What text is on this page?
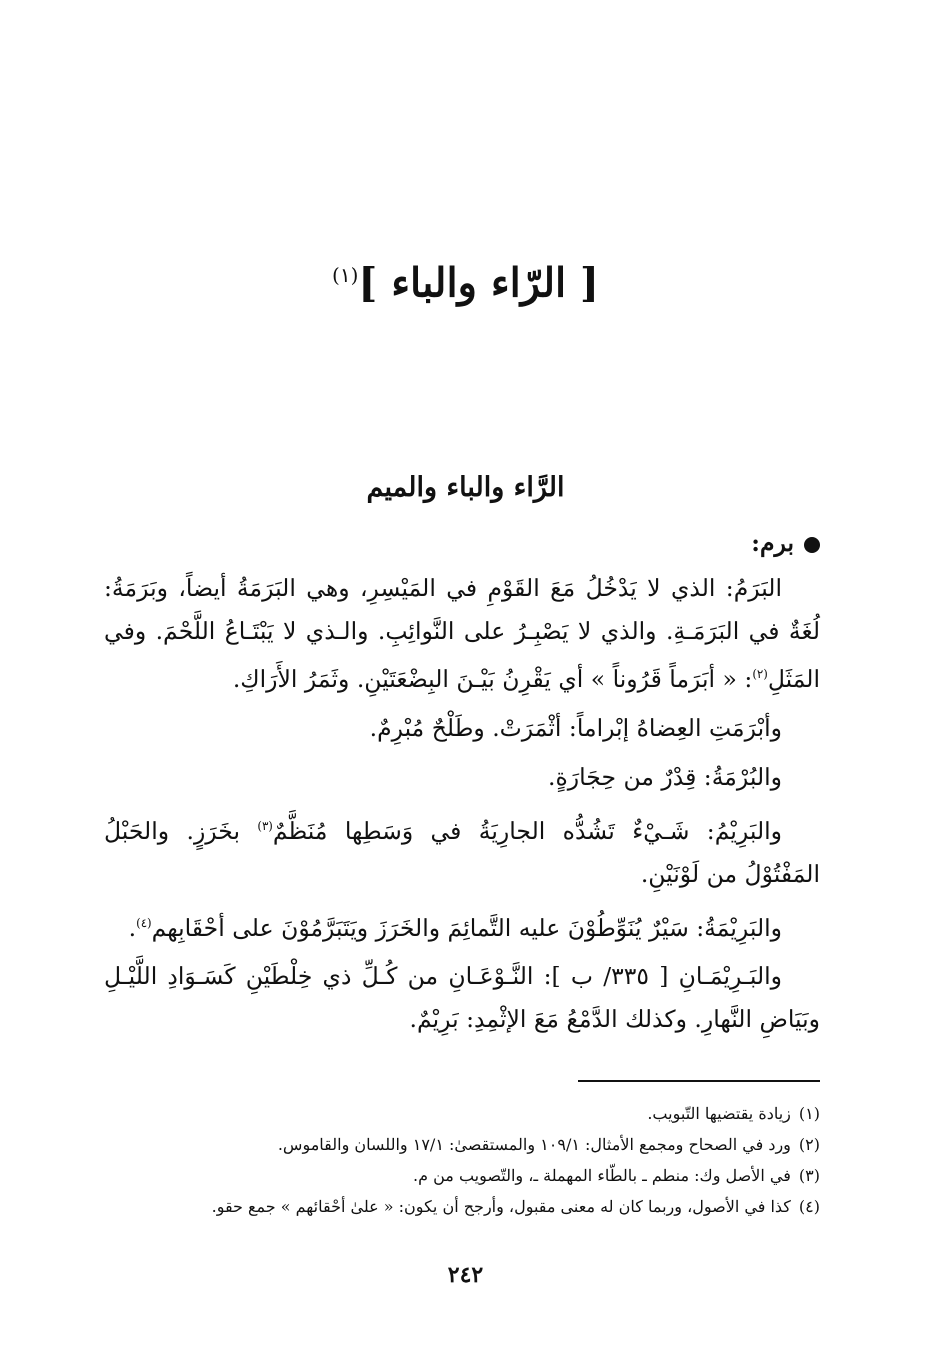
[ الرّاء والباء ]$^{(١)}$
الرَّاء والباء والميم

برم:

البَرَمُ: الذي لا يَدْخُلُ مَعَ القَوْمِ في المَيْسِرِ، وهي البَرَمَةُ أيضاً، وبَرَمَةُ: لُغَةٌ في البَرَمَـةِ. والذي لا يَصْبِـرُ على النَّوائِبِ. والـذي لا يَبْتَـاعُ اللَّحْمَ. وفي المَثَلِ$^{(٢)}$: « أبَرَماً قَرُوناً » أي يَقْرِنُ بَيْـنَ البِضْعَتَيْنِ. وثَمَرُ الأَرَاكِ.

وأبْرَمَتِ العِضاهُ إبْراماً: أثْمَرَتْ. وطَلْحٌ مُبْرِمٌ.

والبُرْمَةُ: قِدْرٌ من حِجَارَةٍ.

والبَرِيْمُ: شَـيْءٌ تَشُدُّه الجارِيَةُ في وَسَطِها مُنَظَّمٌ$^{(٣)}$ بخَرَزٍ. والحَبْلُ المَفْتُوْلُ من لَوْنَيْنِ.

والبَرِيْمَةُ: سَيْرٌ يُنَوِّطُوْنَ عليه التَّمائِمَ والخَرَزَ ويَتَبَرَّمُوْنَ على أحْقَابِهم$^{(٤)}$.

والبَـرِيْمَـانِ [ ٣٣٥/ ب ]: النَّـوْعَـانِ من كُـلِّ ذي خِلْطَيْنِ كَسَـوَادِ اللَّيْـلِ وبَيَاضِ النَّهارِ. وكذلك الدَّمْعُ مَعَ الإثْمِدِ: بَرِيْمٌ.

(١)زيادة يقتضيها التّبويب.

(٢)ورد في الصحاح ومجمع الأمثال: ١٠٩/١ والمستقصىٰ: ١٧/١ واللسان والقاموس.

(٣)في الأصل وك: منطم ـ بالطّاء المهملة ـ، والتّصويب من م.

(٤)كذا في الأصول، وربما كان له معنى مقبول، وأرجح أن يكون: « علىٰ أحْقائهم » جمع حقو.

٢٤٢
